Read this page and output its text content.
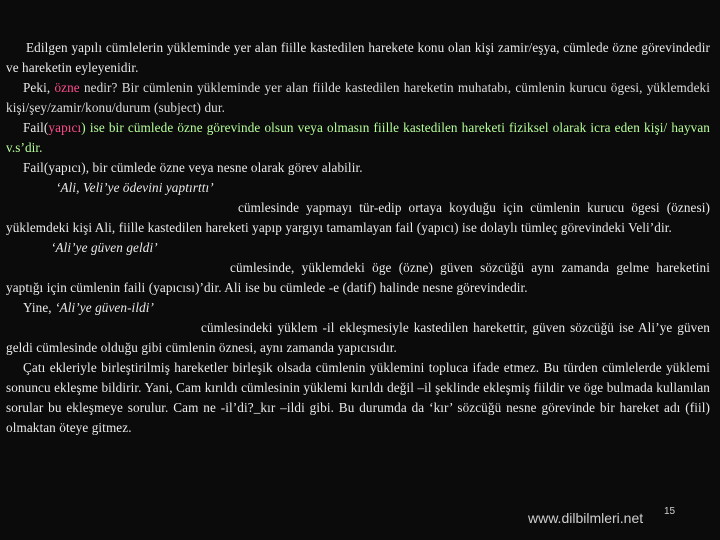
Edilgen yapılı cümlelerin yükleminde yer alan fiille kastedilen harekete konu olan kişi zamir/eşya, cümlede özne görevindedir ve hareketin eyleyenidir.

Peki, özne nedir? Bir cümlenin yükleminde yer alan fiilde kastedilen hareketin muhatabı, cümlenin kurucu ögesi, yüklemdeki kişi/şey/zamir/konu/durum (subject) dur.

Fail(yapıcı) ise bir cümlede özne görevinde olsun veya olmasın fiille kastedilen hareketi fiziksel olarak icra eden kişi/ hayvan v.s’dir.

Fail(yapıcı), bir cümlede özne veya nesne olarak görev alabilir.

‘Ali, Veli’ye ödevini yaptırttı’
cümlesinde yapmayı tür-edip ortaya koyduğu için cümlenin kurucu ögesi (öznesi) yüklemdeki kişi Ali, fiille kastedilen hareketi yapıp yargıyı tamamlayan fail (yapıcı) ise dolaylı tümleç görevindeki Veli’dir.

‘Ali’ye güven geldi’
cümlesinde, yüklemdeki öge (özne) güven sözcüğü aynı zamanda gelme hareketini yaptığı için cümlenin faili (yapıcısı)’dir. Ali ise bu cümlede -e (datif) halinde nesne görevindedir.

Yine, ‘Ali’ye güven-ildi’
cümlesindeki yüklem -il ekleşmesiyle kastedilen harekettir, güven sözcüğü ise Ali’ye güven geldi cümlesinde olduğu gibi cümlenin öznesi, aynı zamanda yapıcısıdır.

Çatı ekleriyle birleştirilmiş hareketler birleşik olsada cümlenin yüklemini topluca ifade etmez. Bu türden cümlelerde yüklemi sonuncu ekleşme bildirir. Yani, Cam kırıldı cümlesinin yüklemi kırıldı değil –il şeklinde ekleşmiş fiildir ve öge bulmada kullanılan sorular bu ekleşmeye sorulur. Cam ne -il’di?_kır –ildi gibi. Bu durumda da ‘kır’ sözcüğü nesne görevinde bir hareket adı (fiil) olmaktan öteye gitmez.

www.dilbilmleri.net 15
